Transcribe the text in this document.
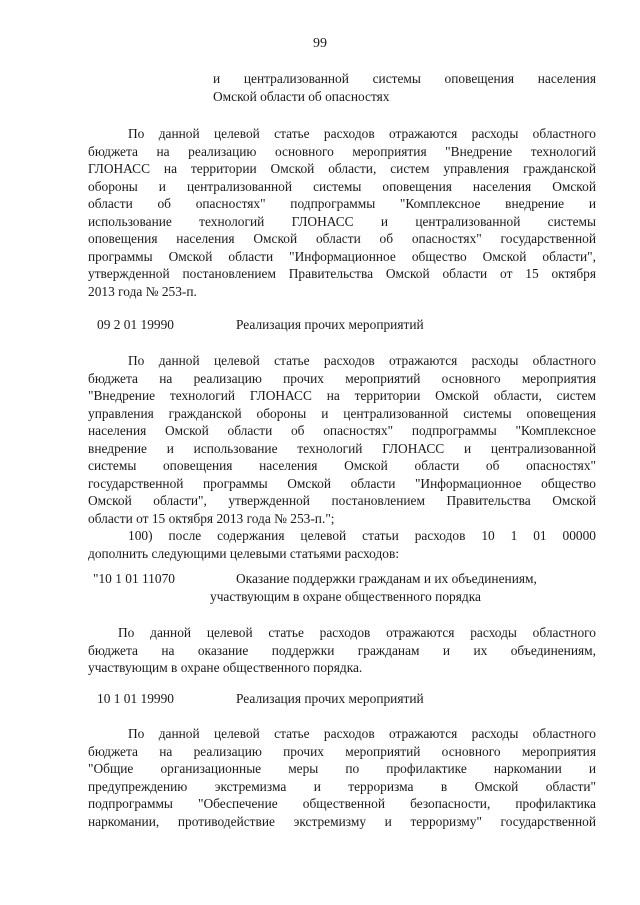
99
и централизованной системы оповещения населения
Омской области об опасностях
По данной целевой статье расходов отражаются расходы областного
бюджета на реализацию основного мероприятия "Внедрение технологий
ГЛОНАСС на территории Омской области, систем управления гражданской
обороны и централизованной системы оповещения населения Омской
области об опасностях" подпрограммы "Комплексное внедрение и
использование технологий ГЛОНАСС и централизованной системы
оповещения населения Омской области об опасностях" государственной
программы Омской области "Информационное общество Омской области",
утвержденной постановлением Правительства Омской области от 15 октября
2013 года № 253-п.
09 2 01 19990	Реализация прочих мероприятий
По данной целевой статье расходов отражаются расходы областного
бюджета на реализацию прочих мероприятий основного мероприятия
"Внедрение технологий ГЛОНАСС на территории Омской области, систем
управления гражданской обороны и централизованной системы оповещения
населения Омской области об опасностях" подпрограммы "Комплексное
внедрение и использование технологий ГЛОНАСС и централизованной
системы оповещения населения Омской области об опасностях"
государственной программы Омской области "Информационное общество
Омской области", утвержденной постановлением Правительства Омской
области от 15 октября 2013 года № 253-п.";
100) после содержания целевой статьи расходов 10 1 01 00000
дополнить следующими целевыми статьями расходов:
"10 1 01 11070	Оказание поддержки гражданам и их объединениям,
участвующим в охране общественного порядка
По данной целевой статье расходов отражаются расходы областного
бюджета на оказание поддержки гражданам и их объединениям,
участвующим в охране общественного порядка.
10 1 01 19990	Реализация прочих мероприятий
По данной целевой статье расходов отражаются расходы областного
бюджета на реализацию прочих мероприятий основного мероприятия
"Общие организационные меры по профилактике наркомании и
предупреждению экстремизма и терроризма в Омской области"
подпрограммы "Обеспечение общественной безопасности, профилактика
наркомании, противодействие экстремизму и терроризму" государственной
